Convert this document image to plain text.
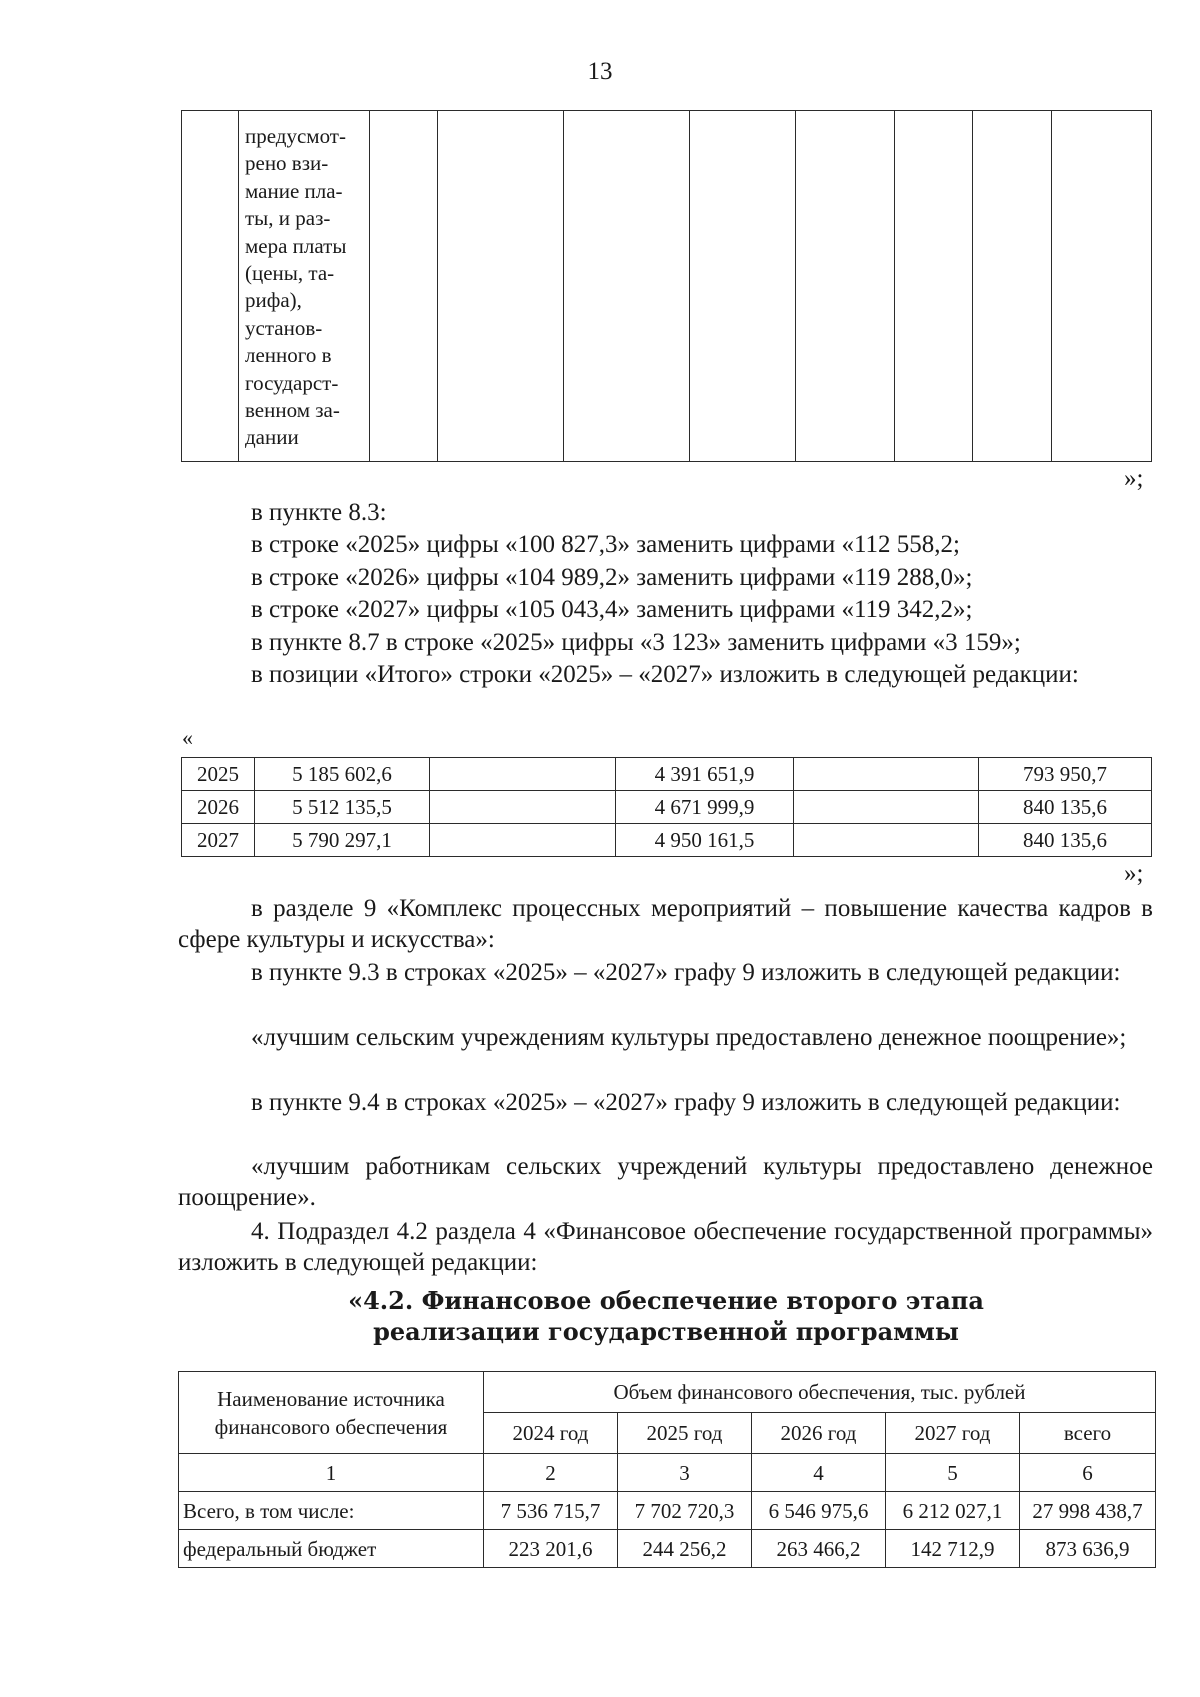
13

предусмот-
рено взи-
мание пла-
ты, и раз-
мера платы
(цены, та-
рифа),
установ-
ленного в
государст-
венном за-
дании

»;
в пункте 8.3:
в строке «2025» цифры «100 827,3» заменить цифрами «112 558,2;
в строке «2026» цифры «104 989,2» заменить цифрами «119 288,0»;
в строке «2027» цифры «105 043,4» заменить цифрами «119 342,2»;
в пункте 8.7 в строке «2025» цифры «3 123» заменить цифрами «3 159»;
в позиции «Итого» строки «2025» – «2027» изложить в следующей редакции:
«
2025	5 185 602,6		4 391 651,9		793 950,7
2026	5 512 135,5		4 671 999,9		840 135,6
2027	5 790 297,1		4 950 161,5		840 135,6
»;
в разделе 9 «Комплекс процессных мероприятий – повышение качества кадров в сфере культуры и искусства»:
в пункте 9.3 в строках «2025» – «2027» графу 9 изложить в следующей редакции:
«лучшим сельским учреждениям культуры предоставлено денежное поощрение»;
в пункте 9.4 в строках «2025» – «2027» графу 9 изложить в следующей редакции:
«лучшим работникам сельских учреждений культуры предоставлено денежное поощрение».
4. Подраздел 4.2 раздела 4 «Финансовое обеспечение государственной программы» изложить в следующей редакции:
«4.2. Финансовое обеспечение второго этапа
реализации государственной программы
Наименование источника финансового обеспечения	Объем финансового обеспечения, тыс. рублей				
	2024 год	2025 год	2026 год	2027 год	всего
1	2	3	4	5	6
Всего, в том числе:	7 536 715,7	7 702 720,3	6 546 975,6	6 212 027,1	27 998 438,7
федеральный бюджет	223 201,6	244 256,2	263 466,2	142 712,9	873 636,9
